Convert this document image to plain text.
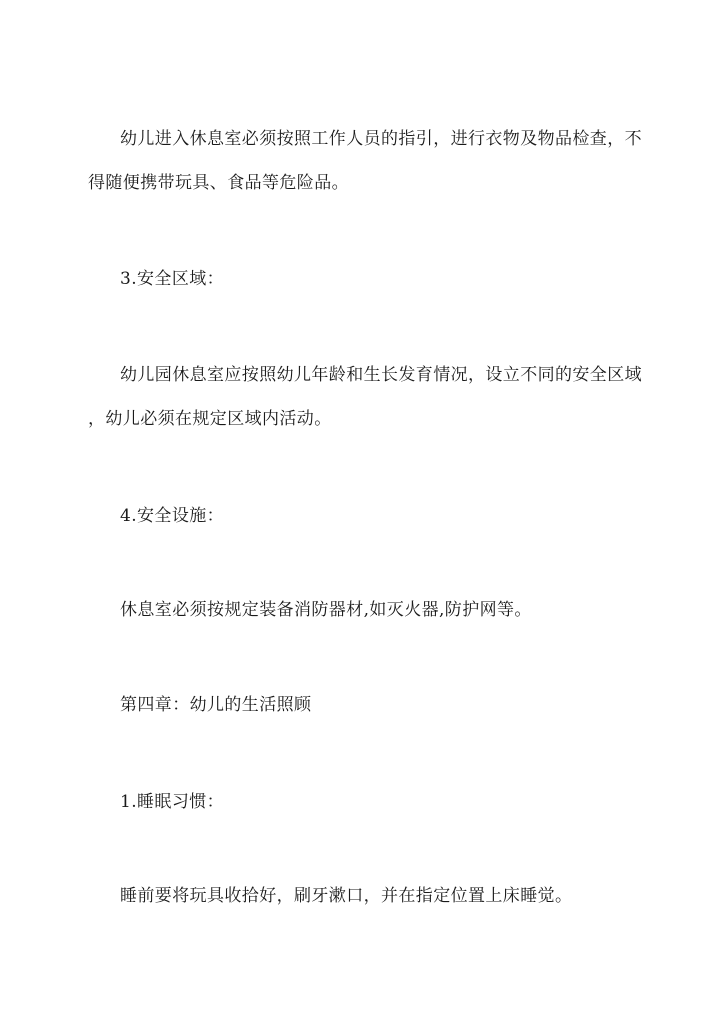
幼儿进入休息室必须按照工作人员的指引，进行衣物及物品检查，不
得随便携带玩具、食品等危险品。
3.安全区域：
幼儿园休息室应按照幼儿年龄和生长发育情况，设立不同的安全区域
，幼儿必须在规定区域内活动。
4.安全设施：
休息室必须按规定装备消防器材,如灭火器,防护网等。
第四章：幼儿的生活照顾
1.睡眠习惯：
睡前要将玩具收拾好，刷牙漱口，并在指定位置上床睡觉。
